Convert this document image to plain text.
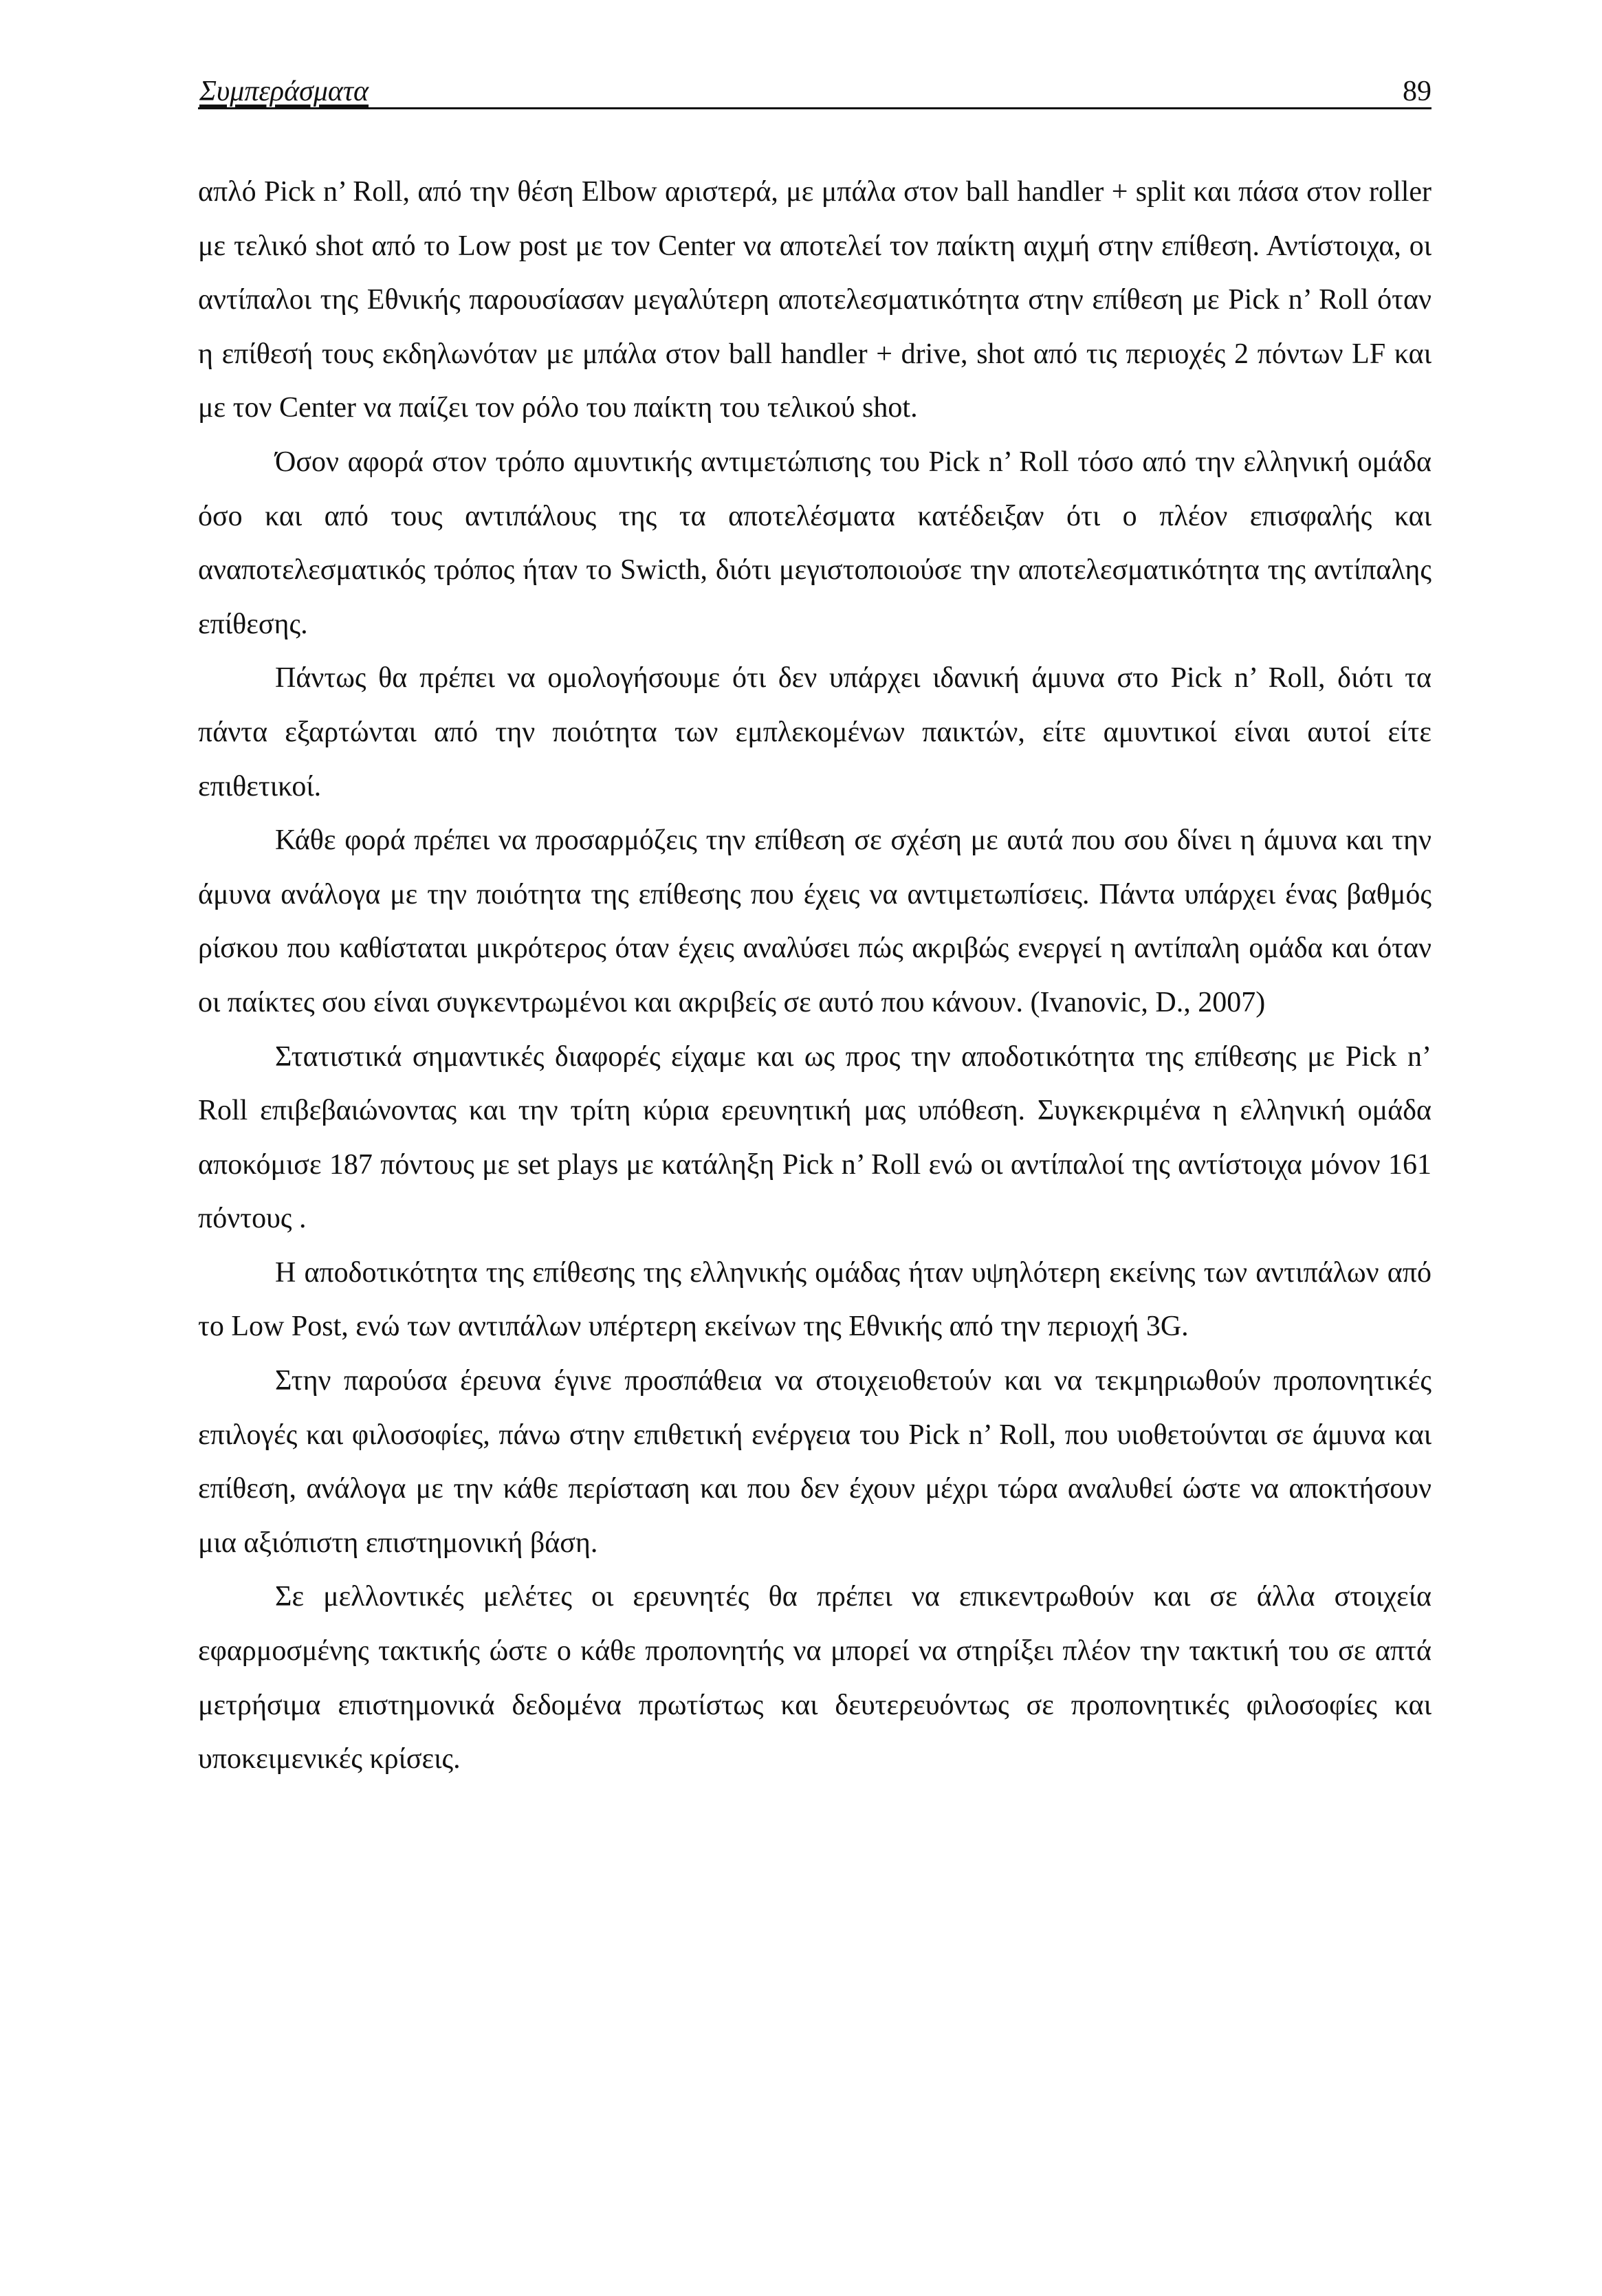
Συμπεράσματα	89

απλό Pick n’ Roll, από την θέση Elbow αριστερά, με μπάλα στον ball handler + split και πάσα στον roller με τελικό shot από το Low post με τον Center να αποτελεί τον παίκτη αιχμή στην επίθεση. Αντίστοιχα, οι αντίπαλοι της Εθνικής παρουσίασαν μεγαλύτερη αποτελεσματικότητα στην επίθεση με Pick n’ Roll όταν η επίθεσή τους εκδηλωνόταν με μπάλα στον ball handler + drive, shot από τις περιοχές 2 πόντων LF και με τον Center να παίζει τον ρόλο του παίκτη του τελικού shot.

Όσον αφορά στον τρόπο αμυντικής αντιμετώπισης του Pick n’ Roll τόσο από την ελληνική ομάδα όσο και από τους αντιπάλους της τα αποτελέσματα κατέδειξαν ότι ο πλέον επισφαλής και αναποτελεσματικός τρόπος ήταν το Swicth, διότι μεγιστοποιούσε την αποτελεσματικότητα της αντίπαλης επίθεσης.

Πάντως θα πρέπει να ομολογήσουμε ότι δεν υπάρχει ιδανική άμυνα στο Pick n’ Roll, διότι τα πάντα εξαρτώνται από την ποιότητα των εμπλεκομένων παικτών, είτε αμυντικοί είναι αυτοί είτε επιθετικοί.

Κάθε φορά πρέπει να προσαρμόζεις την επίθεση σε σχέση με αυτά που σου δίνει η άμυνα και την άμυνα ανάλογα με την ποιότητα της επίθεσης που έχεις να αντιμετωπίσεις. Πάντα υπάρχει ένας βαθμός ρίσκου που καθίσταται μικρότερος όταν έχεις αναλύσει πώς ακριβώς ενεργεί η αντίπαλη ομάδα και όταν οι παίκτες σου είναι συγκεντρωμένοι και ακριβείς σε αυτό που κάνουν. (Ivanovic, D., 2007)

Στατιστικά σημαντικές διαφορές είχαμε και ως προς την αποδοτικότητα της επίθεσης με Pick n’ Roll επιβεβαιώνοντας και την τρίτη κύρια ερευνητική μας υπόθεση. Συγκεκριμένα η ελληνική ομάδα αποκόμισε 187 πόντους με set plays με κατάληξη Pick n’ Roll ενώ οι αντίπαλοί της αντίστοιχα μόνον 161 πόντους .

Η αποδοτικότητα της επίθεσης της ελληνικής ομάδας ήταν υψηλότερη εκείνης των αντιπάλων από το Low Post, ενώ των αντιπάλων υπέρτερη εκείνων της Εθνικής από την περιοχή 3G.

Στην παρούσα έρευνα έγινε προσπάθεια να στοιχειοθετούν και να τεκμηριωθούν προπονητικές επιλογές και φιλοσοφίες, πάνω στην επιθετική ενέργεια του Pick n’ Roll, που υιοθετούνται σε άμυνα και επίθεση, ανάλογα με την κάθε περίσταση και που δεν έχουν μέχρι τώρα αναλυθεί ώστε να αποκτήσουν μια αξιόπιστη επιστημονική βάση.

Σε μελλοντικές μελέτες οι ερευνητές θα πρέπει να επικεντρωθούν και σε άλλα στοιχεία εφαρμοσμένης τακτικής ώστε ο κάθε προπονητής να μπορεί να στηρίξει πλέον την τακτική του σε απτά μετρήσιμα επιστημονικά δεδομένα πρωτίστως και δευτερευόντως σε προπονητικές φιλοσοφίες και υποκειμενικές κρίσεις.
